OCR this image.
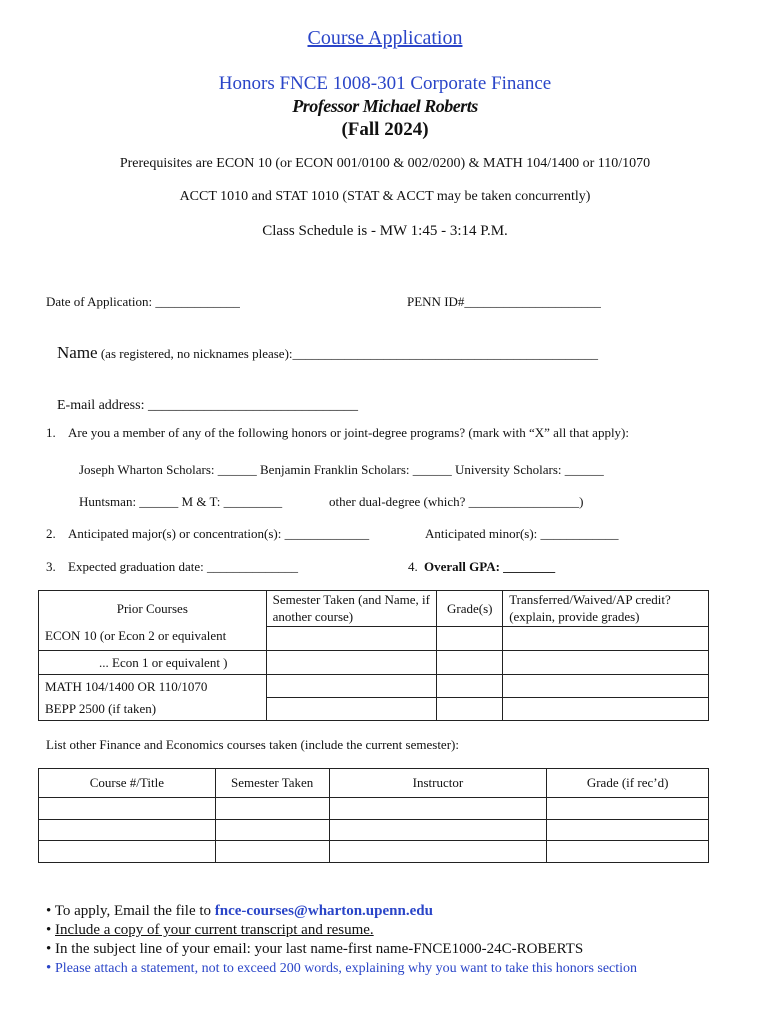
Course Application
Honors FNCE 1008-301 Corporate Finance
Professor Michael Roberts
(Fall 2024)
Prerequisites are ECON 10 (or ECON 001/0100 & 002/0200) & MATH 104/1400 or 110/1070
ACCT 1010 and STAT 1010 (STAT & ACCT may be taken concurrently)
Class Schedule is - MW 1:45 - 3:14 P.M.
Date of Application: _____________	PENN ID#_____________________
Name (as registered, no nicknames please):_______________________________________________
E-mail address: ______________________________
1. Are you a member of any of the following honors or joint-degree programs? (mark with “X” all that apply):
Joseph Wharton Scholars: ______ Benjamin Franklin Scholars: ______ University Scholars: ______
Huntsman: ______ M & T: _________	other dual-degree (which? _________________)
2. Anticipated major(s) or concentration(s): _____________	Anticipated minor(s): ____________
3. Expected graduation date: ______________	4. Overall GPA: ________
Prior Courses	Semester Taken (and Name, if another course)	Grade(s)	Transferred/Waived/AP credit? (explain, provide grades)
ECON 10 (or Econ 2 or equivalent			
... Econ 1 or equivalent )			
MATH 104/1400 OR 110/1070			
BEPP 2500 (if taken)			
List other Finance and Economics courses taken (include the current semester):
Course #/Title	Semester Taken	Instructor	Grade (if rec’d)

• To apply, Email the file to fnce-courses@wharton.upenn.edu
• Include a copy of your current transcript and resume.
• In the subject line of your email: your last name-first name-FNCE1000-24C-ROBERTS
• Please attach a statement, not to exceed 200 words, explaining why you want to take this honors section
